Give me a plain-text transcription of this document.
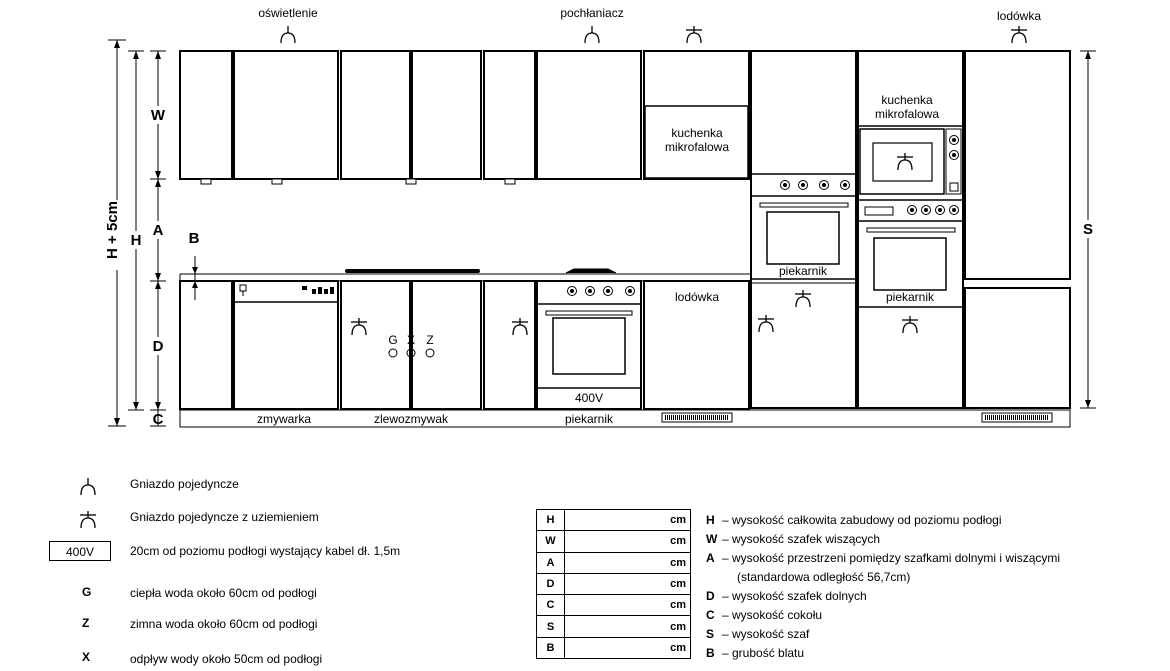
kuchenka mikrofalowa
400V
lodówka
G X Z
zmywarka	zlewozmywak	piekarnik
piekarnik
kuchenka mikrofalowa
piekarnik
oświetlenie	pochłaniacz	lodówka
W
A
D
C
B
H
S
H + 5cm
Gniazdo pojedyncze
Gniazdo pojedyncze z uziemieniem
400V	20cm od poziomu podłogi wystający kabel dł. 1,5m
G	ciepła woda około 60cm od podłogi
Z	zimna woda około 60cm od podłogi
X	odpływ wody około 50cm od podłogi
H	cm
W	cm
A	cm
D	cm
C	cm
S	cm
B	cm
H – wysokość całkowita zabudowy od poziomu podłogi
W – wysokość szafek wiszących
A – wysokość przestrzeni pomiędzy szafkami dolnymi i wiszącymi
(standardowa odległość 56,7cm)
D – wysokość szafek dolnych
C – wysokość cokołu
S – wysokość szaf
B – grubość blatu
